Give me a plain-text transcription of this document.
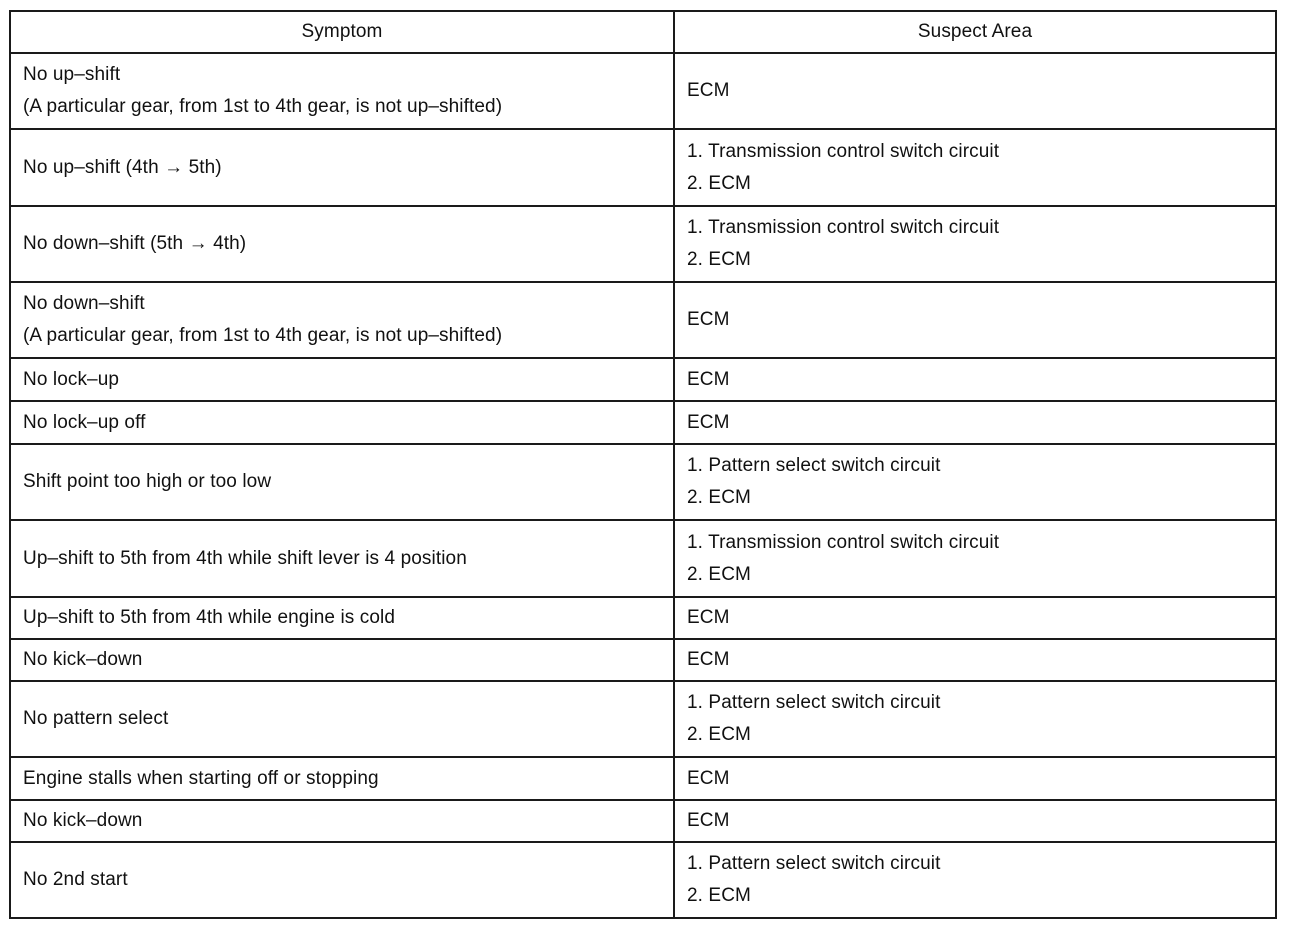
Symptom	Suspect Area

No up–shift
(A particular gear, from 1st to 4th gear, is not up–shifted)	ECM

No up–shift (4th → 5th)	1. Transmission control switch circuit
2. ECM

No down–shift (5th → 4th)	1. Transmission control switch circuit
2. ECM

No down–shift
(A particular gear, from 1st to 4th gear, is not up–shifted)	ECM

No lock–up	ECM

No lock–up off	ECM

Shift point too high or too low	1. Pattern select switch circuit
2. ECM

Up–shift to 5th from 4th while shift lever is 4 position	1. Transmission control switch circuit
2. ECM

Up–shift to 5th from 4th while engine is cold	ECM

No kick–down	ECM

No pattern select	1. Pattern select switch circuit
2. ECM

Engine stalls when starting off or stopping	ECM

No kick–down	ECM

No 2nd start	1. Pattern select switch circuit
2. ECM
